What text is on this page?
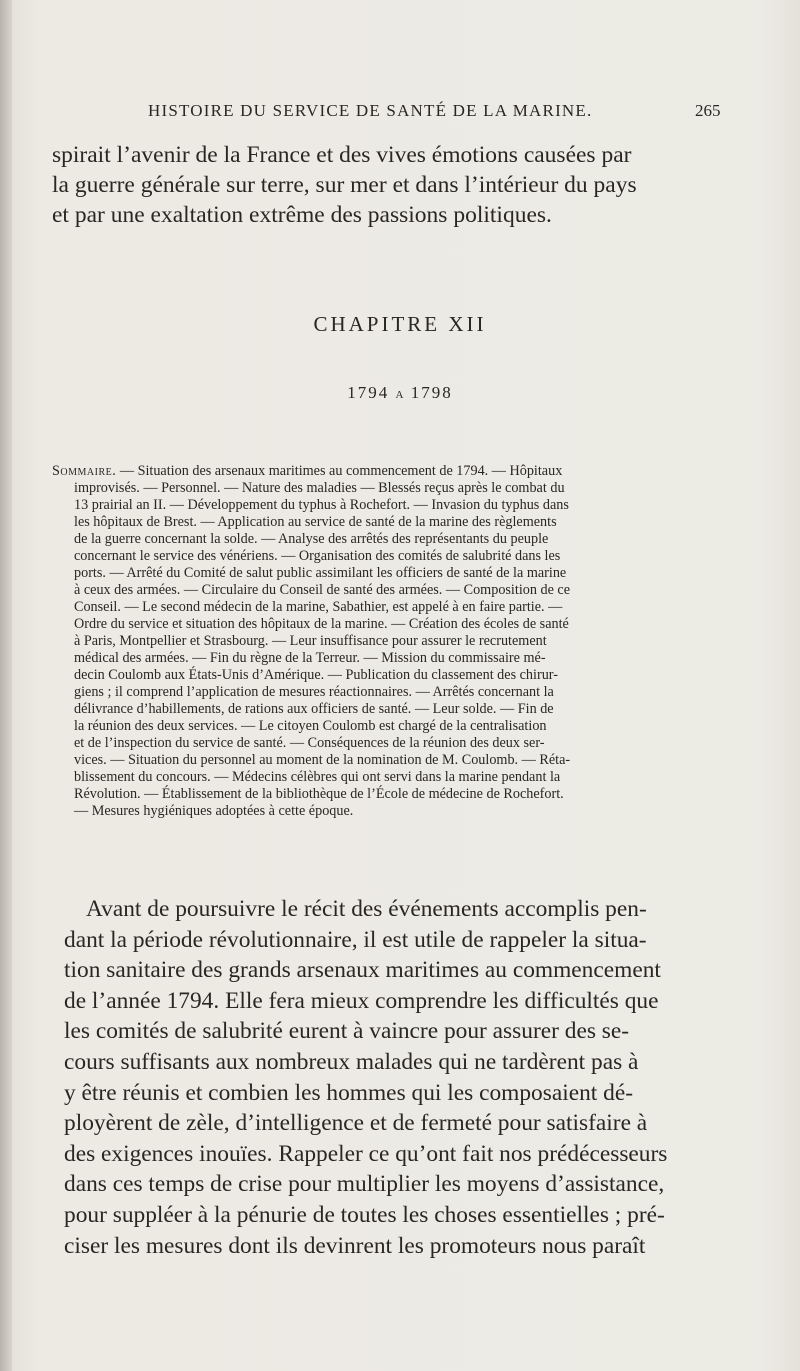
HISTOIRE DU SERVICE DE SANTÉ DE LA MARINE.	265
spirait l’avenir de la France et des vives émotions causées par
la guerre générale sur terre, sur mer et dans l’intérieur du pays
et par une exaltation extrême des passions politiques.
CHAPITRE XII
1794 A 1798
Sommaire. — Situation des arsenaux maritimes au commencement de 1794. — Hôpitaux
improvisés. — Personnel. — Nature des maladies — Blessés reçus après le combat du
13 prairial an II. — Développement du typhus à Rochefort. — Invasion du typhus dans
les hôpitaux de Brest. — Application au service de santé de la marine des règlements
de la guerre concernant la solde. — Analyse des arrêtés des représentants du peuple
concernant le service des vénériens. — Organisation des comités de salubrité dans les
ports. — Arrêté du Comité de salut public assimilant les officiers de santé de la marine
à ceux des armées. — Circulaire du Conseil de santé des armées. — Composition de ce
Conseil. — Le second médecin de la marine, Sabathier, est appelé à en faire partie. —
Ordre du service et situation des hôpitaux de la marine. — Création des écoles de santé
à Paris, Montpellier et Strasbourg. — Leur insuffisance pour assurer le recrutement
médical des armées. — Fin du règne de la Terreur. — Mission du commissaire mé-
decin Coulomb aux États-Unis d’Amérique. — Publication du classement des chirur-
giens ; il comprend l’application de mesures réactionnaires. — Arrêtés concernant la
délivrance d’habillements, de rations aux officiers de santé. — Leur solde. — Fin de
la réunion des deux services. — Le citoyen Coulomb est chargé de la centralisation
et de l’inspection du service de santé. — Conséquences de la réunion des deux ser-
vices. — Situation du personnel au moment de la nomination de M. Coulomb. — Réta-
blissement du concours. — Médecins célèbres qui ont servi dans la marine pendant la
Révolution. — Établissement de la bibliothèque de l’École de médecine de Rochefort.
— Mesures hygiéniques adoptées à cette époque.
Avant de poursuivre le récit des événements accomplis pen-
dant la période révolutionnaire, il est utile de rappeler la situa-
tion sanitaire des grands arsenaux maritimes au commencement
de l’année 1794. Elle fera mieux comprendre les difficultés que
les comités de salubrité eurent à vaincre pour assurer des se-
cours suffisants aux nombreux malades qui ne tardèrent pas à
y être réunis et combien les hommes qui les composaient dé-
ployèrent de zèle, d’intelligence et de fermeté pour satisfaire à
des exigences inouïes. Rappeler ce qu’ont fait nos prédécesseurs
dans ces temps de crise pour multiplier les moyens d’assistance,
pour suppléer à la pénurie de toutes les choses essentielles ; pré-
ciser les mesures dont ils devinrent les promoteurs nous paraît
